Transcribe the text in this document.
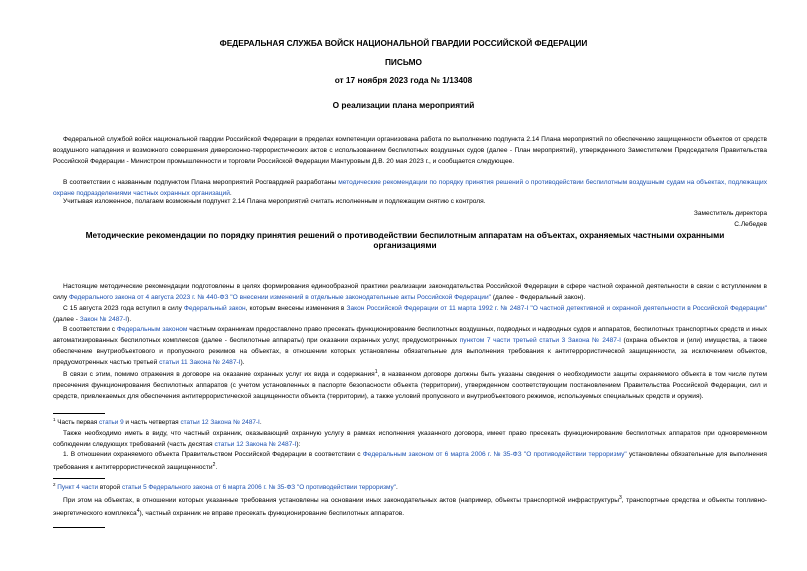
ФЕДЕРАЛЬНАЯ СЛУЖБА ВОЙСК НАЦИОНАЛЬНОЙ ГВАРДИИ РОССИЙСКОЙ ФЕДЕРАЦИИ
ПИСЬМО
от 17 ноября 2023 года № 1/13408
О реализации плана мероприятий
Федеральной службой войск национальной гвардии Российской Федерации в пределах компетенции организована работа по выполнению подпункта 2.14 Плана мероприятий по обеспечению защищенности объектов от средств воздушного нападения и возможного совершения диверсионно-террористических актов с использованием беспилотных воздушных судов (далее - План мероприятий), утвержденного Заместителем Председателя Правительства Российской Федерации - Министром промышленности и торговли Российской Федерации Мантуровым Д.В. 20 мая 2023 г., и сообщается следующее.
В соответствии с названным подпунктом Плана мероприятий Росгвардией разработаны методические рекомендации по порядку принятия решений о противодействии беспилотным воздушным судам на объектах, подлежащих охране подразделениями частных охранных организаций.
Учитывая изложенное, полагаем возможным подпункт 2.14 Плана мероприятий считать исполненным и подлежащим снятию с контроля.
Заместитель директора
С.Лебедев
Методические рекомендации по порядку принятия решений о противодействии беспилотным аппаратам на объектах, охраняемых частными охранными организациями
Настоящие методические рекомендации подготовлены в целях формирования единообразной практики реализации законодательства Российской Федерации в сфере частной охранной деятельности в связи с вступлением в силу Федерального закона от 4 августа 2023 г. № 440-ФЗ "О внесении изменений в отдельные законодательные акты Российской Федерации" (далее - Федеральный закон).
С 15 августа 2023 года вступил в силу Федеральный закон, которым внесены изменения в Закон Российской Федерации от 11 марта 1992 г. № 2487-I "О частной детективной и охранной деятельности в Российской Федерации" (далее - Закон № 2487-I).
В соответствии с Федеральным законом частным охранникам предоставлено право пресекать функционирование беспилотных воздушных, подводных и надводных судов и аппаратов, беспилотных транспортных средств и иных автоматизированных беспилотных комплексов (далее - беспилотные аппараты) при оказании охранных услуг, предусмотренных пунктом 7 части третьей статьи 3 Закона № 2487-I (охрана объектов и (или) имущества, а также обеспечение внутриобъектового и пропускного режимов на объектах, в отношении которых установлены обязательные для выполнения требования к антитеррористической защищенности, за исключением объектов, предусмотренных частью третьей статьи 11 Закона № 2487-I).
В связи с этим, помимо отражения в договоре на оказание охранных услуг их вида и содержания$^1$, в названном договоре должны быть указаны сведения о необходимости защиты охраняемого объекта в том числе путем пресечения функционирования беспилотных аппаратов (с учетом установленных в паспорте безопасности объекта (территории), утвержденном соответствующим постановлением Правительства Российской Федерации, сил и средств, привлекаемых для обеспечения антитеррористической защищенности объекта (территории), а также условий пропускного и внутриобъектового режимов, используемых специальных средств и оружия).
$^1$ Часть первая статьи 9 и часть четвертая статьи 12 Закона № 2487-I.
Также необходимо иметь в виду, что частный охранник, оказывающий охранную услугу в рамках исполнения указанного договора, имеет право пресекать функционирование беспилотных аппаратов при одновременном соблюдении следующих требований (часть десятая статьи 12 Закона № 2487-I):
1. В отношении охраняемого объекта Правительством Российской Федерации в соответствии с Федеральным законом от 6 марта 2006 г. № 35-ФЗ "О противодействии терроризму" установлены обязательные для выполнения требования к антитеррористической защищенности$^2$.
$^2$ Пункт 4 части второй статьи 5 Федерального закона от 6 марта 2006 г. № 35-ФЗ "О противодействии терроризму".
При этом на объектах, в отношении которых указанные требования установлены на основании иных законодательных актов (например, объекты транспортной инфраструктуры$^3$, транспортные средства и объекты топливно-энергетического комплекса$^4$), частный охранник не вправе пресекать функционирование беспилотных аппаратов.
